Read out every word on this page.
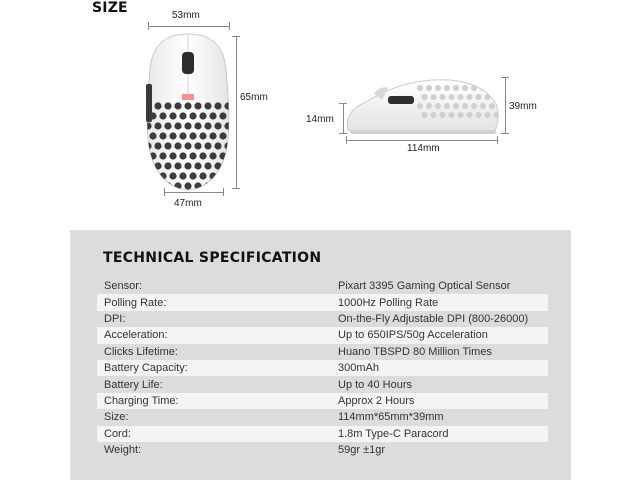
SIZE	53mm
65mm
47mm
39mm
14mm
114mm
TECHNICAL SPECIFICATION
Sensor:	Pixart 3395 Gaming Optical Sensor
Polling Rate:	1000Hz Polling Rate
DPI:	On-the-Fly Adjustable DPI (800-26000)
Acceleration:	Up to 650IPS/50g Acceleration
Clicks Lifetime:	Huano TBSPD 80 Million Times
Battery Capacity:	300mAh
Battery Life:	Up to 40 Hours
Charging Time:	Approx 2 Hours
Size:	114mm*65mm*39mm
Cord:	1.8m Type-C Paracord
Weight:	59gr ±1gr
